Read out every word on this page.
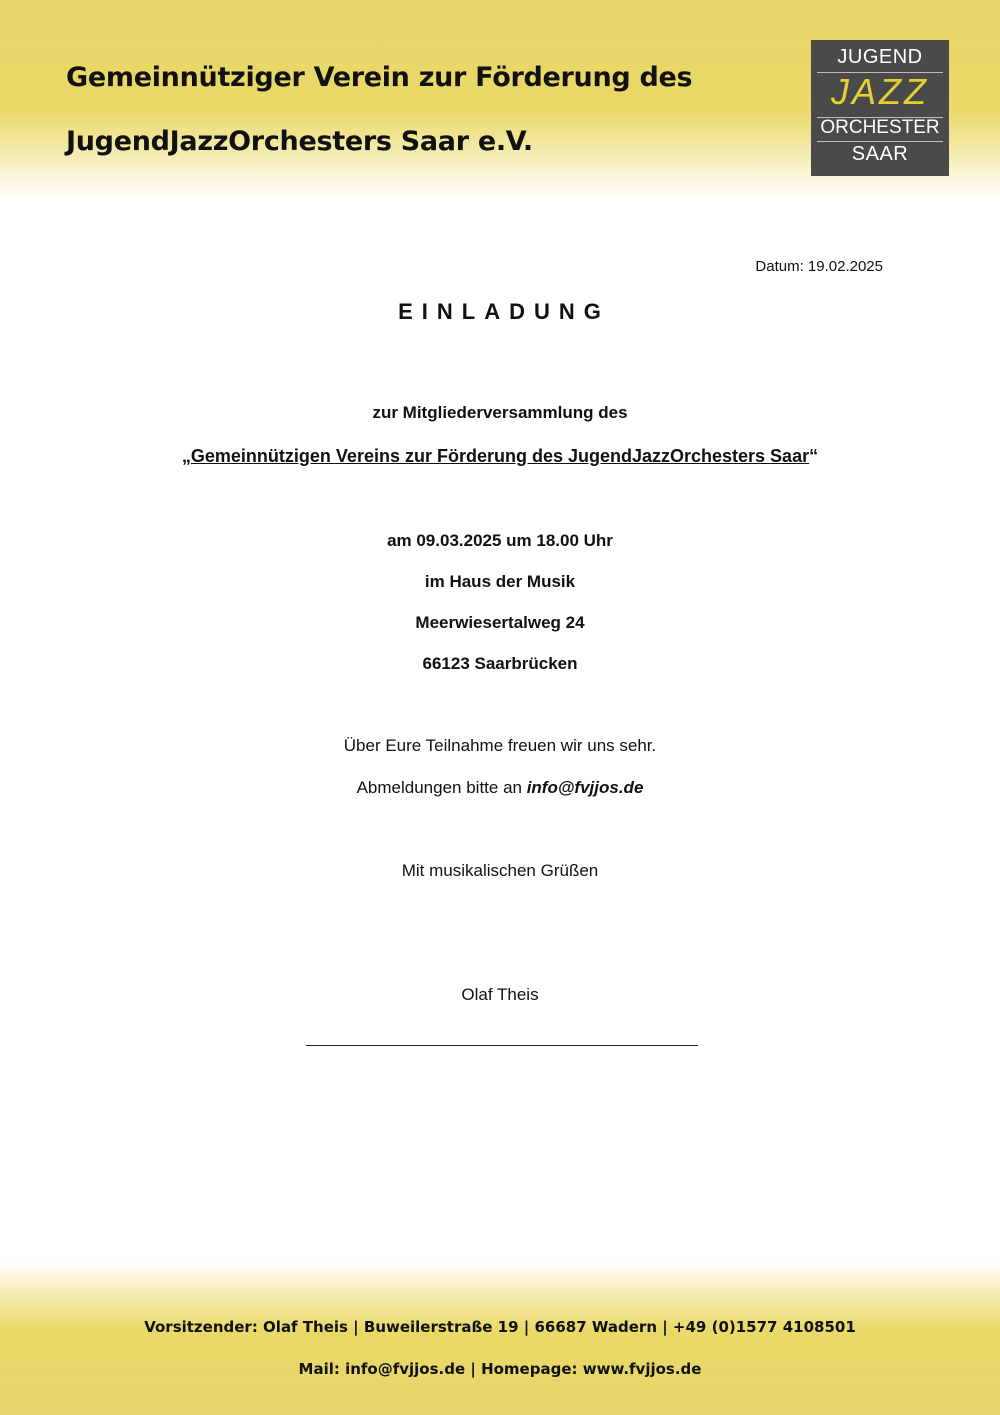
Gemeinnütziger Verein zur Förderung des
JugendJazzOrchesters Saar e.V.
JUGEND
JAZZ
ORCHESTER
SAAR
Datum: 19.02.2025
EINLADUNG
zur Mitgliederversammlung des
„Gemeinnützigen Vereins zur Förderung des JugendJazzOrchesters Saar“
am 09.03.2025 um 18.00 Uhr
im Haus der Musik
Meerwiesertalweg 24
66123 Saarbrücken
Über Eure Teilnahme freuen wir uns sehr.
Abmeldungen bitte an info@fvjjos.de
Mit musikalischen Grüßen
Olaf Theis
Vorsitzender: Olaf Theis | Buweilerstraße 19 | 66687 Wadern | +49 (0)1577 4108501
Mail: info@fvjjos.de | Homepage: www.fvjjos.de
